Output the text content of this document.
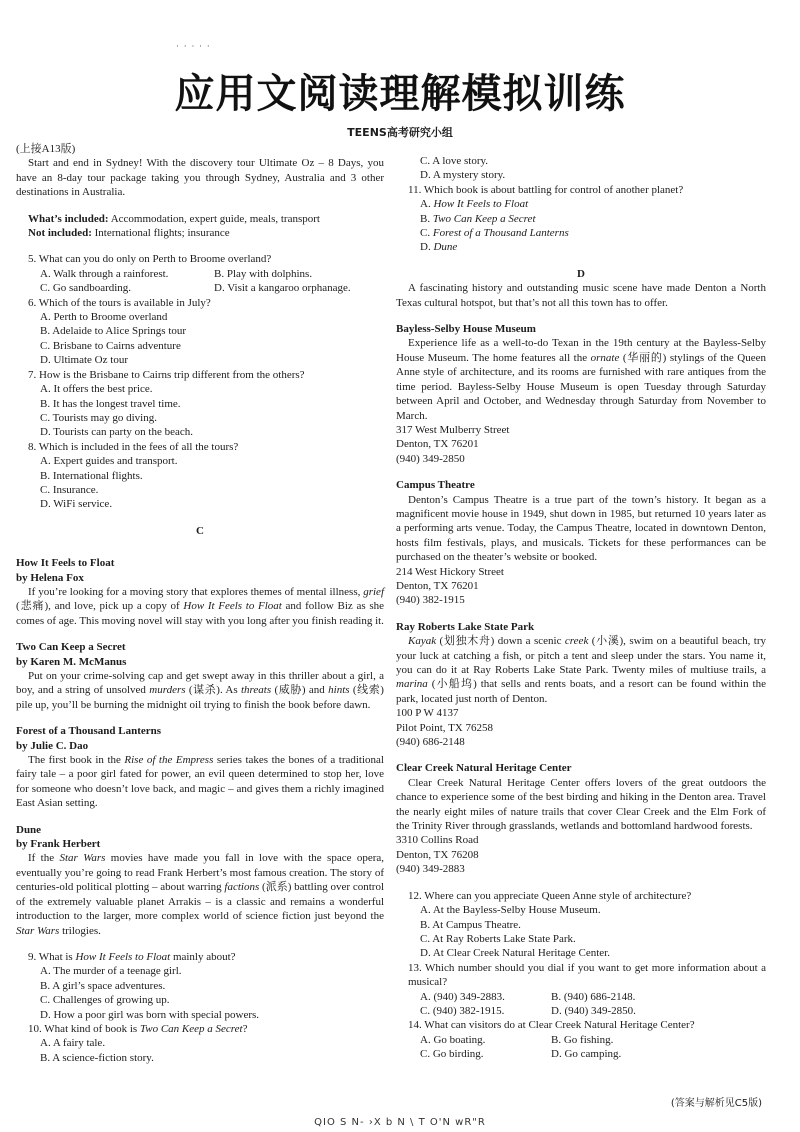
· · · · ·
应用文阅读理解模拟训练
TEENS高考研究小组

(上接A13版)

Start and end in Sydney! With the discovery tour Ultimate Oz – 8 Days, you have an 8-day tour package taking you through Sydney, Australia and 3 other destinations in Australia.

What’s included: Accommodation, expert guide, meals, transport

Not included: International flights; insurance

5. What can you do only on Perth to Broome overland?

A. Walk through a rainforest.	B. Play with dolphins.
C. Go sandboarding.	D. Visit a kangaroo orphanage.

6. Which of the tours is available in July?

A. Perth to Broome overland

B. Adelaide to Alice Springs tour

C. Brisbane to Cairns adventure

D. Ultimate Oz tour

7. How is the Brisbane to Cairns trip different from the others?

A. It offers the best price.

B. It has the longest travel time.

C. Tourists may go diving.

D. Tourists can party on the beach.

8. Which is included in the fees of all the tours?

A. Expert guides and transport.

B. International flights.

C. Insurance.

D. WiFi service.

C

How It Feels to Float

by Helena Fox

If you’re looking for a moving story that explores themes of mental illness, grief (悲痛), and love, pick up a copy of How It Feels to Float and follow Biz as she comes of age. This moving novel will stay with you long after you finish reading it.

Two Can Keep a Secret

by Karen M. McManus

Put on your crime-solving cap and get swept away in this thriller about a girl, a boy, and a string of unsolved murders (谋杀). As threats (威胁) and hints (线索) pile up, you’ll be burning the midnight oil trying to finish the book before dawn.

Forest of a Thousand Lanterns

by Julie C. Dao

The first book in the Rise of the Empress series takes the bones of a traditional fairy tale – a poor girl fated for power, an evil queen determined to stop her, love for someone who doesn’t love back, and magic – and gives them a richly imagined East Asian setting.

Dune

by Frank Herbert

If the Star Wars movies have made you fall in love with the space opera, eventually you’re going to read Frank Herbert’s most famous creation. The story of centuries-old political plotting – about warring factions (派系) battling over control of the extremely valuable planet Arrakis – is a classic and remains a wonderful introduction to the larger, more complex world of science fiction just beyond the Star Wars trilogies.

9. What is How It Feels to Float mainly about?

A. The murder of a teenage girl.

B. A girl’s space adventures.

C. Challenges of growing up.

D. How a poor girl was born with special powers.

10. What kind of book is Two Can Keep a Secret?

A. A fairy tale.

B. A science-fiction story.

C. A love story.

D. A mystery story.

11. Which book is about battling for control of another planet?

A. How It Feels to Float

B. Two Can Keep a Secret

C. Forest of a Thousand Lanterns

D. Dune

D

A fascinating history and outstanding music scene have made Denton a North Texas cultural hotspot, but that’s not all this town has to offer.

Bayless-Selby House Museum

Experience life as a well-to-do Texan in the 19th century at the Bayless-Selby House Museum. The home features all the ornate (华丽的) stylings of the Queen Anne style of architecture, and its rooms are furnished with rare antiques from the time period. Bayless-Selby House Museum is open Tuesday through Saturday between April and October, and Wednesday through Saturday from November to March.

317 West Mulberry Street

Denton, TX 76201

(940) 349-2850

Campus Theatre

Denton’s Campus Theatre is a true part of the town’s history. It began as a magnificent movie house in 1949, shut down in 1985, but returned 10 years later as a performing arts venue. Today, the Campus Theatre, located in downtown Denton, hosts film festivals, plays, and musicals. Tickets for these performances can be purchased on the theater’s website or booked.

214 West Hickory Street

Denton, TX 76201

(940) 382-1915

Ray Roberts Lake State Park

Kayak (划独木舟) down a scenic creek (小溪), swim on a beautiful beach, try your luck at catching a fish, or pitch a tent and sleep under the stars. You name it, you can do it at Ray Roberts Lake State Park. Twenty miles of multiuse trails, a marina (小船坞) that sells and rents boats, and a resort can be found within the park, located just north of Denton.

100 P W 4137

Pilot Point, TX 76258

(940) 686-2148

Clear Creek Natural Heritage Center

Clear Creek Natural Heritage Center offers lovers of the great outdoors the chance to experience some of the best birding and hiking in the Denton area. Travel the nearly eight miles of nature trails that cover Clear Creek and the Elm Fork of the Trinity River through grasslands, wetlands and bottomland hardwood forests.

3310 Collins Road

Denton, TX 76208

(940) 349-2883

12. Where can you appreciate Queen Anne style of architecture?

A. At the Bayless-Selby House Museum.

B. At Campus Theatre.

C. At Ray Roberts Lake State Park.

D. At Clear Creek Natural Heritage Center.

13. Which number should you dial if you want to get more information about a musical?

A. (940) 349-2883.	B. (940) 686-2148.
C. (940) 382-1915.	D. (940) 349-2850.

14. What can visitors do at Clear Creek Natural Heritage Center?

A. Go boating.	B. Go fishing.
C. Go birding.	D. Go camping.
(答案与解析见C5版)
QIO S N- ›X b N \ T O'N wR"R
